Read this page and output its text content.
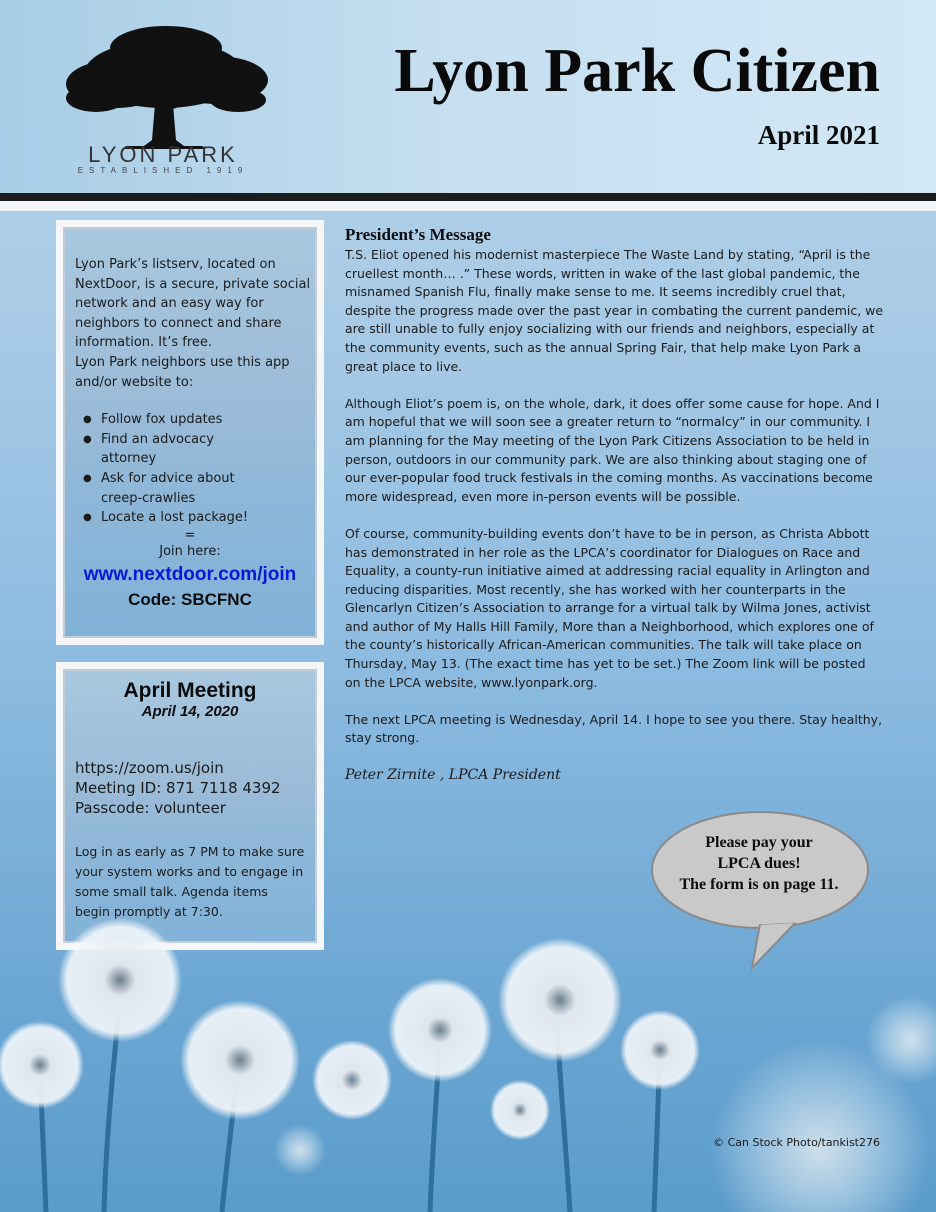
LYON PARK
ESTABLISHED 1919
Lyon Park Citizen
April 2021

Lyon Park’s listserv, located on NextDoor, is a secure, private social network and an easy way for neighbors to connect and share information. It’s free.

Lyon Park neighbors use this app and/or website to:

● Follow fox updates
● Find an advocacy attorney
● Ask for advice about creep-crawlies
● Locate a lost package!
=
Join here:
www.nextdoor.com/join
Code: SBCFNC
April Meeting
April 14, 2020
https://zoom.us/join
Meeting ID: 871 7118 4392
Passcode: volunteer
Log in as early as 7 PM to make sure your system works and to engage in some small talk. Agenda items begin promptly at 7:30.
President’s Message

T.S. Eliot opened his modernist masterpiece The Waste Land by stating, “April is the cruellest month… .” These words, written in wake of the last global pandemic, the misnamed Spanish Flu, finally make sense to me. It seems incredibly cruel that, despite the progress made over the past year in combating the current pandemic, we are still unable to fully enjoy socializing with our friends and neighbors, especially at the community events, such as the annual Spring Fair, that help make Lyon Park a great place to live.

Although Eliot’s poem is, on the whole, dark, it does offer some cause for hope. And I am hopeful that we will soon see a greater return to “normalcy” in our community. I am planning for the May meeting of the Lyon Park Citizens Association to be held in person, outdoors in our community park. We are also thinking about staging one of our ever-popular food truck festivals in the coming months. As vaccinations become more widespread, even more in-person events will be possible.

Of course, community-building events don’t have to be in person, as Christa Abbott has demonstrated in her role as the LPCA’s coordinator for Dialogues on Race and Equality, a county-run initiative aimed at addressing racial equality in Arlington and reducing disparities. Most recently, she has worked with her counterparts in the Glencarlyn Citizen’s Association to arrange for a virtual talk by Wilma Jones, activist and author of My Halls Hill Family, More than a Neighborhood, which explores one of the county’s historically African-American communities. The talk will take place on Thursday, May 13. (The exact time has yet to be set.) The Zoom link will be posted on the LPCA website, www.lyonpark.org.

The next LPCA meeting is Wednesday, April 14. I hope to see you there. Stay healthy, stay strong.

Peter Zirnite , LPCA President
Please pay your
LPCA dues!
The form is on page 11.
© Can Stock Photo/tankist276
